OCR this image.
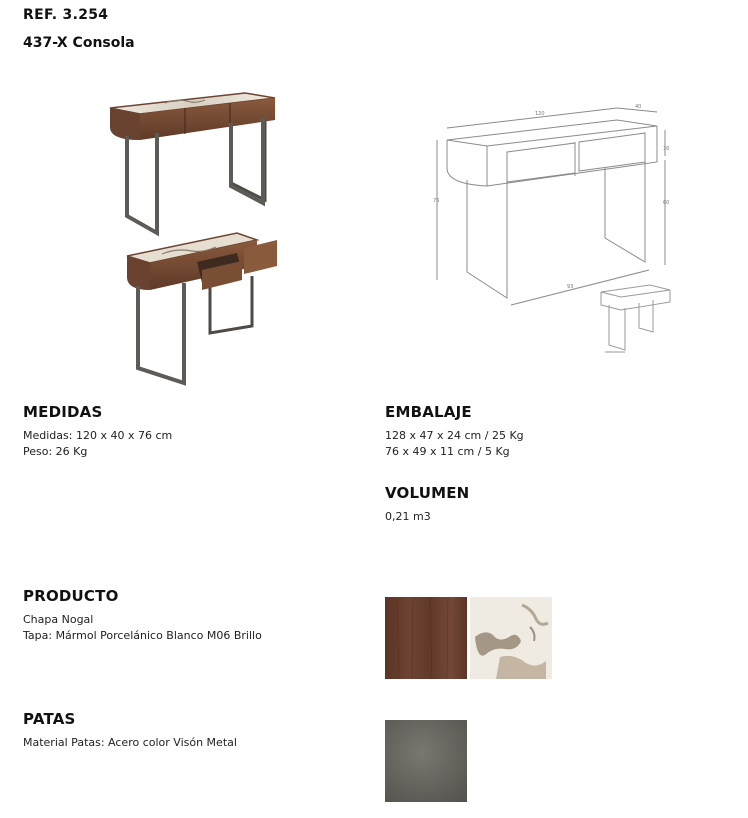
REF. 3.254
437-X Consola
120
40
16
76	60
93
MEDIDAS
Medidas: 120 x 40 x 76 cm
Peso: 26 Kg
EMBALAJE
128 x 47 x 24 cm / 25 Kg
76 x 49 x 11 cm / 5 Kg
VOLUMEN
0,21 m3
PRODUCTO
Chapa Nogal
Tapa: Mármol Porcelánico Blanco M06 Brillo
PATAS
Material Patas: Acero color Visón Metal
